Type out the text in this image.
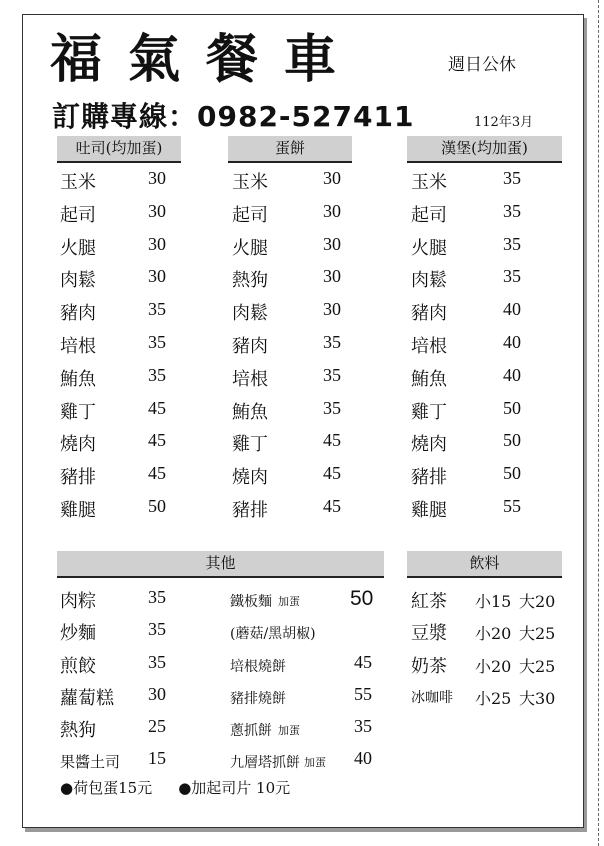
福氣餐車	週日公休
訂購專線：0982-527411	112年3月
吐司(均加蛋)	蛋餅	漢堡(均加蛋)
玉米	30
起司	30
火腿	30
肉鬆	30
豬肉	35
培根	35
鮪魚	35
雞丁	45
燒肉	45
豬排	45
雞腿	50
玉米	30
起司	30
火腿	30
熱狗	30
肉鬆	30
豬肉	35
培根	35
鮪魚	35
雞丁	45
燒肉	45
豬排	45
玉米	35
起司	35
火腿	35
肉鬆	35
豬肉	40
培根	40
鮪魚	40
雞丁	50
燒肉	50
豬排	50
雞腿	55
其他	飲料
肉粽	35
炒麵	35
煎餃	35
蘿蔔糕 30
熱狗	25
果醬土司 15
鐵板麵 加蛋 50
(蘑菇/黑胡椒)
培根燒餅	45
豬排燒餅	55
蔥抓餅 加蛋	35
九層塔抓餅 加蛋 40
紅茶 小15 大20
豆漿 小20 大25
奶茶 小20 大25
冰咖啡 小25 大30
●荷包蛋15元 ●加起司片 10元
